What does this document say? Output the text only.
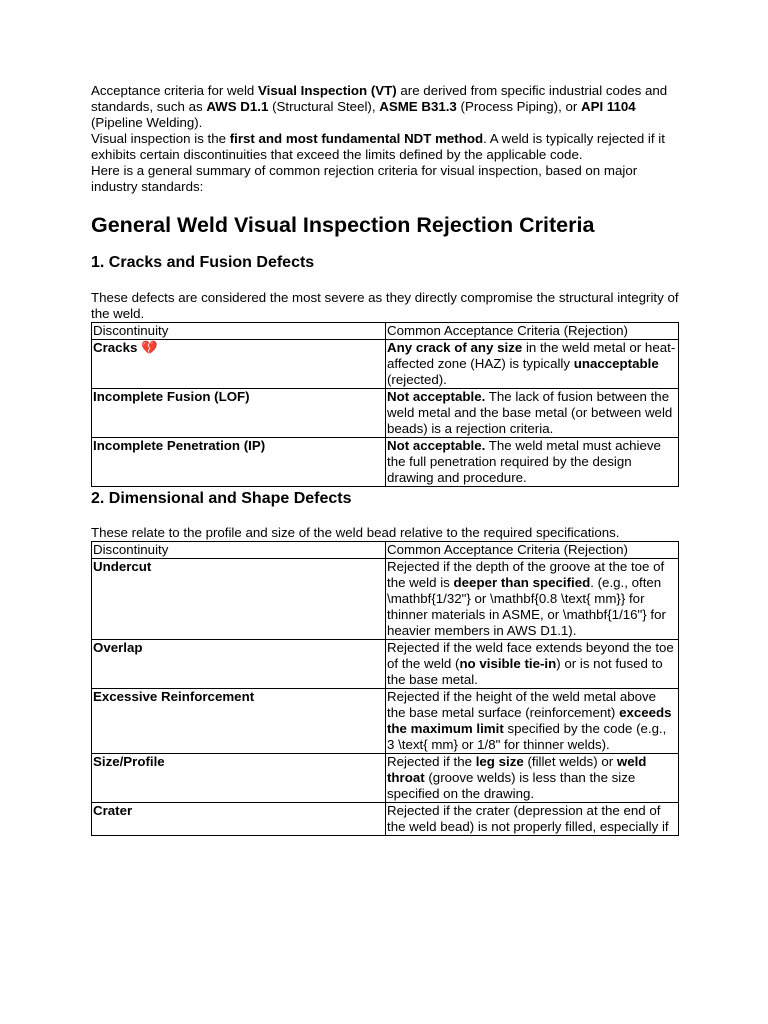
Acceptance criteria for weld Visual Inspection (VT) are derived from specific industrial codes and standards, such as AWS D1.1 (Structural Steel), ASME B31.3 (Process Piping), or API 1104 (Pipeline Welding).

Visual inspection is the first and most fundamental NDT method. A weld is typically rejected if it exhibits certain discontinuities that exceed the limits defined by the applicable code.

Here is a general summary of common rejection criteria for visual inspection, based on major industry standards:

General Weld Visual Inspection Rejection Criteria
1. Cracks and Fusion Defects

These defects are considered the most severe as they directly compromise the structural integrity of the weld.

Discontinuity	Common Acceptance Criteria (Rejection)
Cracks 💔	Any crack of any size in the weld metal or heat-affected zone (HAZ) is typically unacceptable (rejected).
Incomplete Fusion (LOF)	Not acceptable. The lack of fusion between the weld metal and the base metal (or between weld beads) is a rejection criteria.
Incomplete Penetration (IP)	Not acceptable. The weld metal must achieve the full penetration required by the design drawing and procedure.
2. Dimensional and Shape Defects

These relate to the profile and size of the weld bead relative to the required specifications.

Discontinuity	Common Acceptance Criteria (Rejection)
Undercut	Rejected if the depth of the groove at the toe of the weld is deeper than specified. (e.g., often \mathbf{1/32"} or \mathbf{0.8 \text{ mm}} for thinner materials in ASME, or \mathbf{1/16"} for heavier members in AWS D1.1).
Overlap	Rejected if the weld face extends beyond the toe of the weld (no visible tie-in) or is not fused to the base metal.
Excessive Reinforcement	Rejected if the height of the weld metal above the base metal surface (reinforcement) exceeds the maximum limit specified by the code (e.g., 3 \text{ mm} or 1/8" for thinner welds).
Size/Profile	Rejected if the leg size (fillet welds) or weld throat (groove welds) is less than the size specified on the drawing.
Crater	Rejected if the crater (depression at the end of the weld bead) is not properly filled, especially if
